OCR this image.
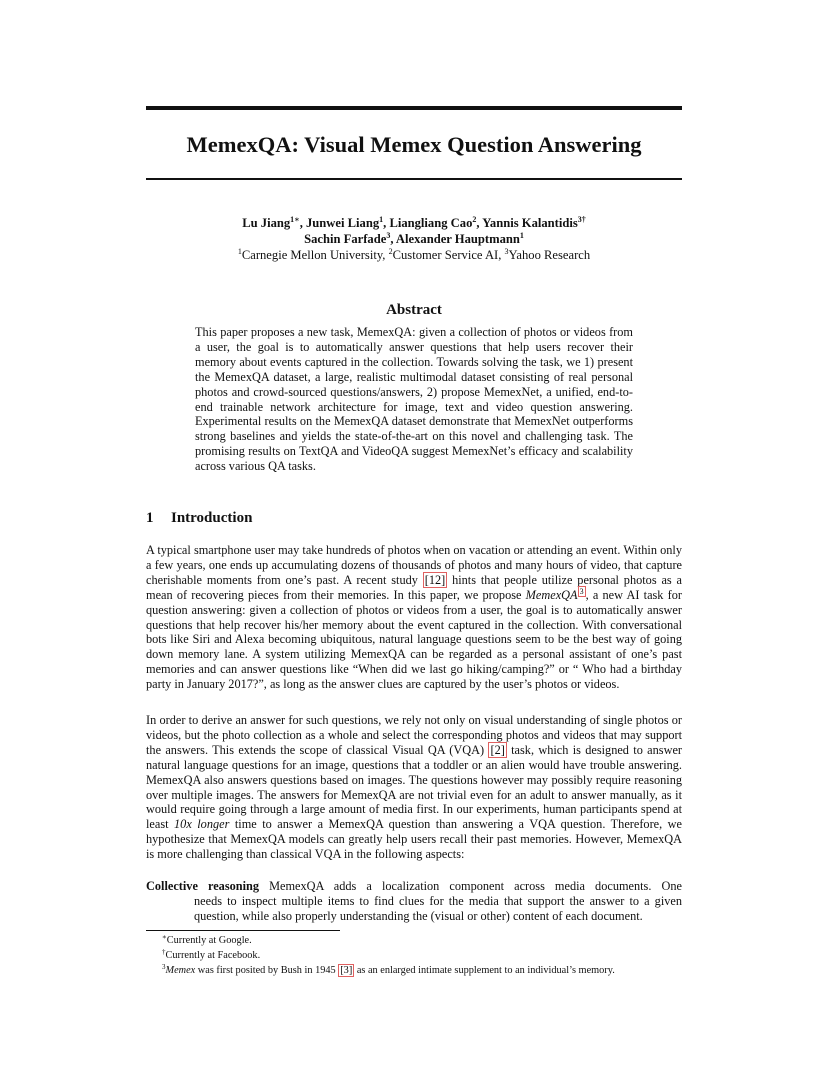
MemexQA: Visual Memex Question Answering
Lu Jiang$^{1∗}$, Junwei Liang$^1$, Liangliang Cao$^2$, Yannis Kalantidis$^{3\dagger}$
Sachin Farfade$^3$, Alexander Hauptmann$^1$
$^1$Carnegie Mellon University, $^2$Customer Service AI, $^3$Yahoo Research
Abstract
This paper proposes a new task, MemexQA: given a collection of photos or videos from a user, the goal is to automatically answer questions that help users recover their memory about events captured in the collection. Towards solving the task, we 1) present the MemexQA dataset, a large, realistic multimodal dataset consisting of real personal photos and crowd-sourced questions/answers, 2) propose MemexNet, a unified, end-to-end trainable network architecture for image, text and video question answering. Experimental results on the MemexQA dataset demonstrate that MemexNet outperforms strong baselines and yields the state-of-the-art on this novel and challenging task. The promising results on TextQA and VideoQA suggest MemexNet’s efficacy and scalability across various QA tasks.
1 Introduction
A typical smartphone user may take hundreds of photos when on vacation or attending an event. Within only a few years, one ends up accumulating dozens of thousands of photos and many hours of video, that capture cherishable moments from one’s past. A recent study [12] hints that people utilize personal photos as a mean of recovering pieces from their memories. In this paper, we propose MemexQA $^3$ , a new AI task for question answering: given a collection of photos or videos from a user, the goal is to automatically answer questions that help recover his/her memory about the event captured in the collection. With conversational bots like Siri and Alexa becoming ubiquitous, natural language questions seem to be the best way of going down memory lane. A system utilizing MemexQA can be regarded as a personal assistant of one’s past memories and can answer questions like “When did we last go hiking/camping?” or “ Who had a birthday party in January 2017?”, as long as the answer clues are captured by the user’s photos or videos.
In order to derive an answer for such questions, we rely not only on visual understanding of single photos or videos, but the photo collection as a whole and select the corresponding photos and videos that may support the answers. This extends the scope of classical Visual QA (VQA) [2] task, which is designed to answer natural language questions for an image, questions that a toddler or an alien would have trouble answering. MemexQA also answers questions based on images. The questions however may possibly require reasoning over multiple images. The answers for MemexQA are not trivial even for an adult to answer manually, as it would require going through a large amount of media first. In our experiments, human participants spend at least 10x longer time to answer a MemexQA question than answering a VQA question. Therefore, we hypothesize that MemexQA models can greatly help users recall their past memories. However, MemexQA is more challenging than classical VQA in the following aspects:
Collective reasoning MemexQA adds a localization component across media documents. One
needs to inspect multiple items to find clues for the media that support the answer to a given question, while also properly understanding the (visual or other) content of each document.
∗Currently at Google.
†Currently at Facebook.
$^3$Memex was first posited by Bush in 1945 [3] as an enlarged intimate supplement to an individual’s memory.
